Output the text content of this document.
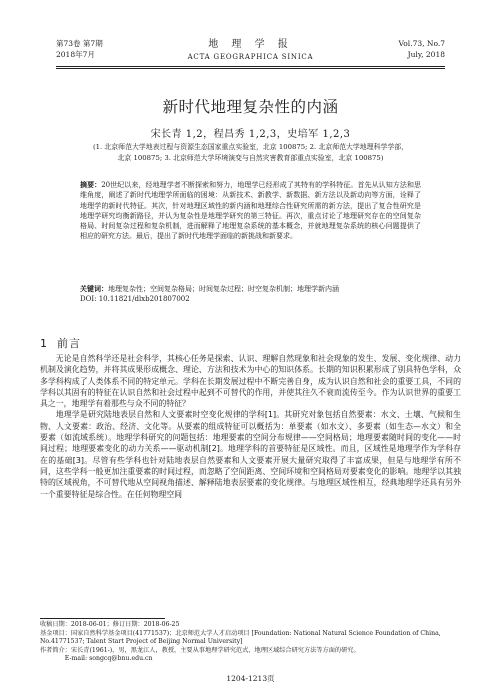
第73卷 第7期
2018年7月
地 理 学 报
ACTA GEOGRAPHICA SINICA
Vol.73, No.7
July, 2018
新时代地理复杂性的内涵
宋长青 1,2，程昌秀 1,2,3，史培军 1,2,3
(1. 北京师范大学地表过程与资源生态国家重点实验室，北京 100875; 2. 北京师范大学地理科学学部，
北京 100875; 3. 北京师范大学环境演变与自然灾害教育部重点实验室，北京 100875)
摘要：20世纪以来，经地理学者不断探索和努力，地理学已经形成了其特有的学科特征。首先从认知方法和思维角度，阐述了新时代地理学所面临的困境：从新技术、新教学、新数据、新方法以及新动向等方面，诠释了地理学的新时代特征。其次，针对地理区域性的新内涵和地理综合性研究所需的新方法，提出了复合性研究是地理学研究均衡新路径，并认为复杂性是地理学研究的第三特征。再次，重点讨论了地理研究存在的空间复杂格局、时间复杂过程和复杂机制，进而解释了地理复杂系统的基本概念，并就地理复杂系统的核心问题提供了相应的研究方法。最后，提出了新时代地理学面临的新挑战和新要求。
关键词：地理复杂性；空间复杂格局；时间复杂过程；时空复杂机制；地理学新内涵
DOI: 10.11821/dlxb201807002
1 前言

无论是自然科学还是社会科学，其核心任务是探索、认识、理解自然现象和社会现象的发生、发展、变化规律、动力机制及演化趋势，并将其成果形成概念、理论、方法和技术为中心的知识体系。长期的知识积累形成了别具特色学科，众多学科构成了人类体系不同的特定单元。学科在长期发展过程中不断完善自身，成为认识自然和社会的重要工具，不同的学科以其固有的特征在认识自然和社会过程中起到不可替代的作用，并使其往久不衰而流传至今。作为认识世界的重要工具之一，地理学有着那些与众不同的特征？

地理学是研究陆地表层自然和人文要素时空变化规律的学科[1]。其研究对象包括自然要素：水文、土壤、气候和生物、人文要素：政治、经济、文化等。从要素的组成特征可以概括为：单要素（如水文）、多要素（如生态—水文）和全要素（如流域系统）。地理学科研究的问题包括：地理要素的空间分布规律——空间格局；地理要素随时间的变化——时间过程；地理要素变化的动力关系——驱动机制[2]。地理学科的首要特征是区域性。而且，区域性是地理学作为学科存在的基础[3]。尽管有些学科也针对陆地表层自然要素和人文要素开展大量研究取得了丰富成果，但是与地理学有所不同，这些学科一般更加注重要素的时间过程，而忽略了空间距离、空间环境和空间格局对要素变化的影响。地理学以其独特的区域视角，不可替代地从空间视角描述、解释陆地表层要素的变化规律。与地理区域性相互，经典地理学还具有另外一个重要特征是综合性。在任何物理空间

收稿日期：2018-06-01；修订日期：2018-06-25

基金项目：国家自然科学基金项目(41771537)；北京师范大学人才启动项目 [Foundation: National Natural Science Foundation of China, No.41771537; Talent Start Project of Beijing Normal University]

作者简介：宋长青(1961-)，男，黑龙江人，教授，主要从事地理学研究范式、地理区域综合研究方法等方面的研究。

E-mail: songcq@bnu.edu.cn

1204-1213页
